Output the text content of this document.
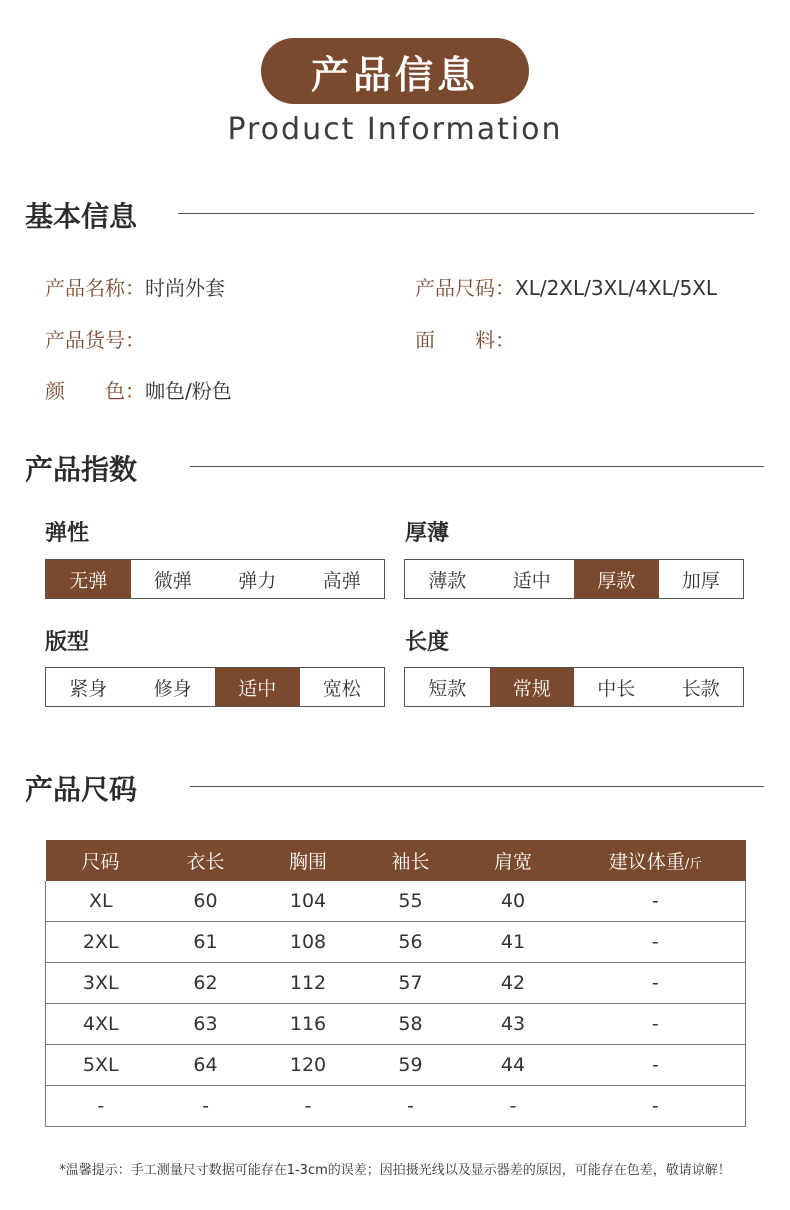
产品信息
Product Information
基本信息
产品名称：时尚外套	产品尺码：XL/2XL/3XL/4XL/5XL
产品货号：	面　　料：
颜　　色：咖色/粉色
产品指数
弹性
无弹	微弹	弹力	高弹
厚薄
薄款	适中	厚款	加厚
版型
紧身	修身	适中	宽松
长度
短款	常规	中长	长款
产品尺码
尺码	衣长	胸围	袖长	肩宽	建议体重/斤
XL	60	104	55	40	-
2XL	61	108	56	41	-
3XL	62	112	57	42	-
4XL	63	116	58	43	-
5XL	64	120	59	44	-
-	-	-	-	-	-
*温馨提示：手工测量尺寸数据可能存在1-3cm的误差；因拍摄光线以及显示器差的原因，可能存在色差，敬请谅解！
